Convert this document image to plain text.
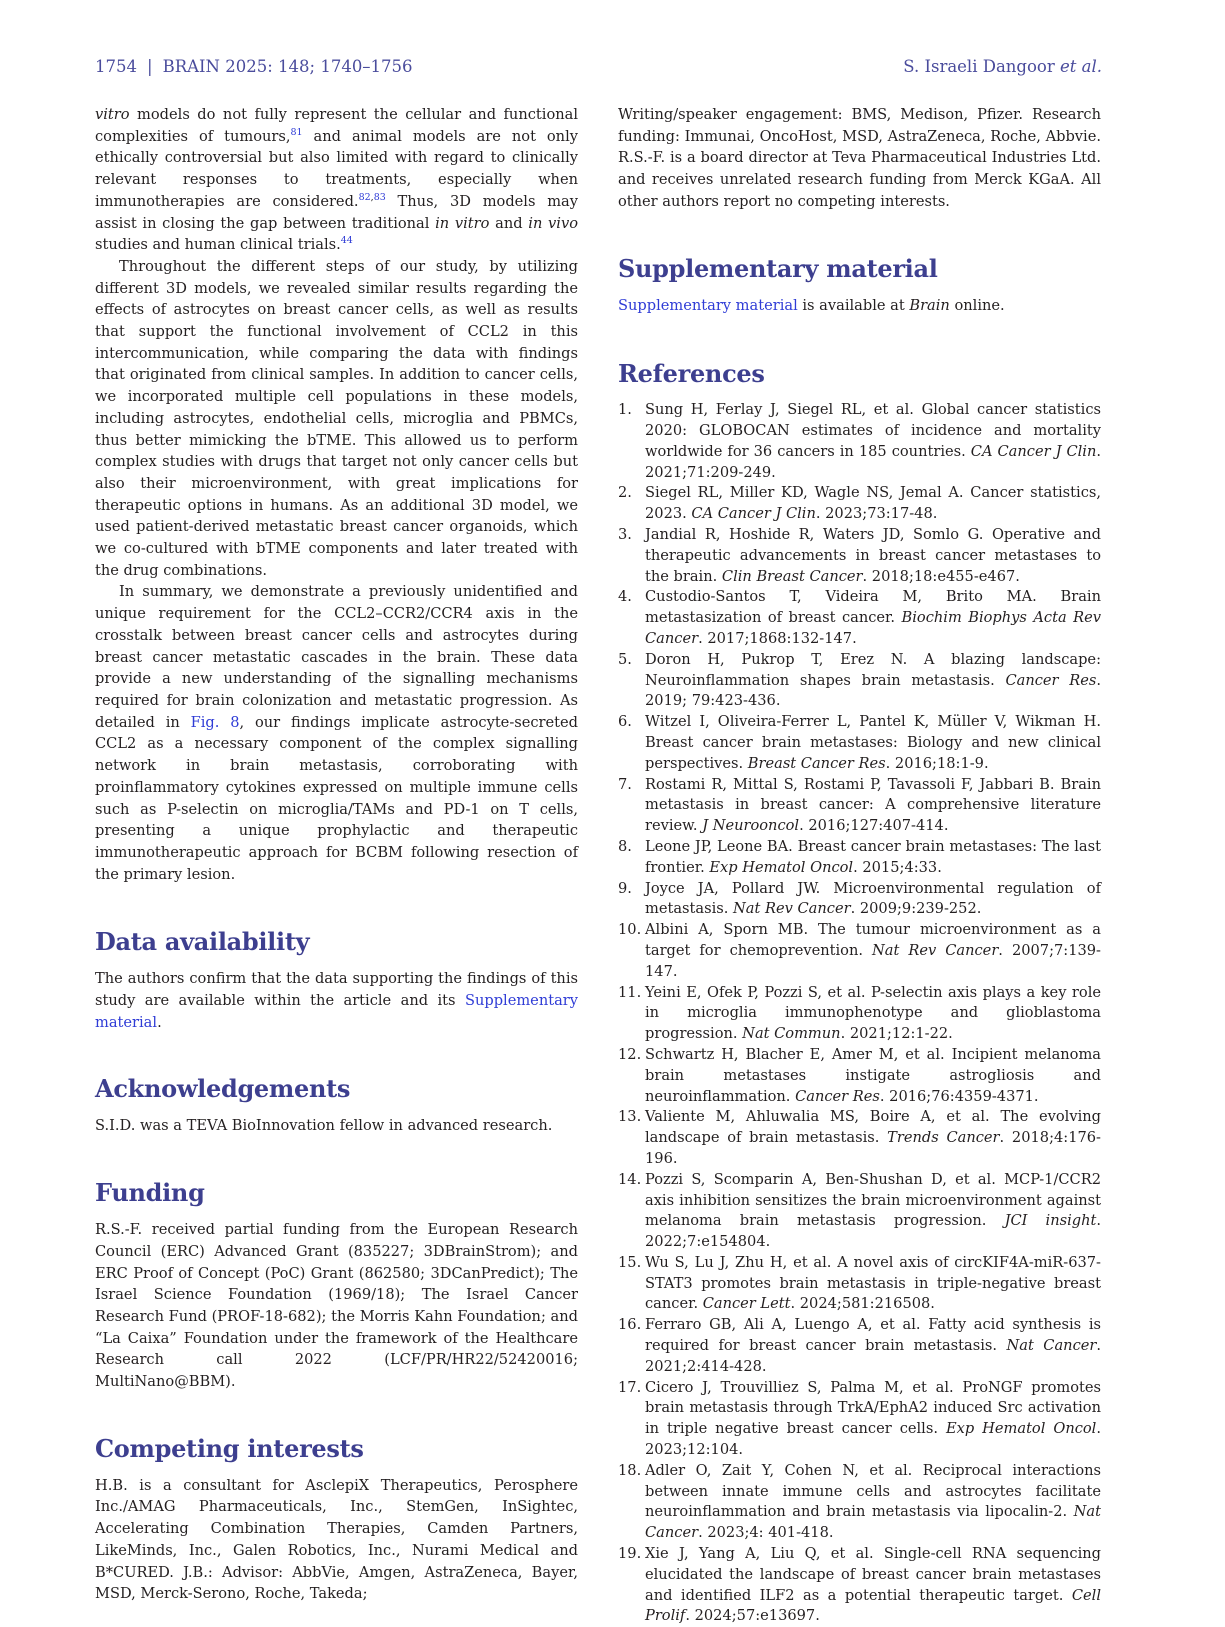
1754 | BRAIN 2025: 148; 1740–1756	S. Israeli Dangoor et al.

vitro models do not fully represent the cellular and functional complexities of tumours,$^{81}$ and animal models are not only ethically controversial but also limited with regard to clinically relevant responses to treatments, especially when immunotherapies are considered.$^{82,83}$ Thus, 3D models may assist in closing the gap between traditional in vitro and in vivo studies and human clinical trials.$^{44}$

Throughout the different steps of our study, by utilizing different 3D models, we revealed similar results regarding the effects of astrocytes on breast cancer cells, as well as results that support the functional involvement of CCL2 in this intercommunication, while comparing the data with findings that originated from clinical samples. In addition to cancer cells, we incorporated multiple cell populations in these models, including astrocytes, endothelial cells, microglia and PBMCs, thus better mimicking the bTME. This allowed us to perform complex studies with drugs that target not only cancer cells but also their microenvironment, with great implications for therapeutic options in humans. As an additional 3D model, we used patient-derived metastatic breast cancer organoids, which we co-cultured with bTME components and later treated with the drug combinations.

In summary, we demonstrate a previously unidentified and unique requirement for the CCL2–CCR2/CCR4 axis in the crosstalk between breast cancer cells and astrocytes during breast cancer metastatic cascades in the brain. These data provide a new understanding of the signalling mechanisms required for brain colonization and metastatic progression. As detailed in Fig. 8, our findings implicate astrocyte-secreted CCL2 as a necessary component of the complex signalling network in brain metastasis, corroborating with proinflammatory cytokines expressed on multiple immune cells such as P-selectin on microglia/TAMs and PD-1 on T cells, presenting a unique prophylactic and therapeutic immunotherapeutic approach for BCBM following resection of the primary lesion.

Data availability

The authors confirm that the data supporting the findings of this study are available within the article and its Supplementary material.

Acknowledgements

S.I.D. was a TEVA BioInnovation fellow in advanced research.

Funding

R.S.-F. received partial funding from the European Research Council (ERC) Advanced Grant (835227; 3DBrainStrom); and ERC Proof of Concept (PoC) Grant (862580; 3DCanPredict); The Israel Science Foundation (1969/18); The Israel Cancer Research Fund (PROF-18-682); the Morris Kahn Foundation; and “La Caixa” Foundation under the framework of the Healthcare Research call 2022 (LCF/PR/HR22/52420016; MultiNano@BBM).

Competing interests

H.B. is a consultant for AsclepiX Therapeutics, Perosphere Inc./AMAG Pharmaceuticals, Inc., StemGen, InSightec, Accelerating Combination Therapies, Camden Partners, LikeMinds, Inc., Galen Robotics, Inc., Nurami Medical and B*CURED. J.B.: Advisor: AbbVie, Amgen, AstraZeneca, Bayer, MSD, Merck-Serono, Roche, Takeda;

Writing/speaker engagement: BMS, Medison, Pfizer. Research funding: Immunai, OncoHost, MSD, AstraZeneca, Roche, Abbvie. R.S.-F. is a board director at Teva Pharmaceutical Industries Ltd. and receives unrelated research funding from Merck KGaA. All other authors report no competing interests.

Supplementary material

Supplementary material is available at Brain online.

References
1. Sung H, Ferlay J, Siegel RL, et al. Global cancer statistics 2020: GLOBOCAN estimates of incidence and mortality worldwide for 36 cancers in 185 countries. CA Cancer J Clin. 2021;71:209-249.
2. Siegel RL, Miller KD, Wagle NS, Jemal A. Cancer statistics, 2023. CA Cancer J Clin. 2023;73:17-48.
3. Jandial R, Hoshide R, Waters JD, Somlo G. Operative and therapeutic advancements in breast cancer metastases to the brain. Clin Breast Cancer. 2018;18:e455-e467.
4. Custodio-Santos T, Videira M, Brito MA. Brain metastasization of breast cancer. Biochim Biophys Acta Rev Cancer. 2017;1868:132-147.
5. Doron H, Pukrop T, Erez N. A blazing landscape: Neuroinflammation shapes brain metastasis. Cancer Res. 2019; 79:423-436.
6. Witzel I, Oliveira-Ferrer L, Pantel K, Müller V, Wikman H. Breast cancer brain metastases: Biology and new clinical perspectives. Breast Cancer Res. 2016;18:1-9.
7. Rostami R, Mittal S, Rostami P, Tavassoli F, Jabbari B. Brain metastasis in breast cancer: A comprehensive literature review. J Neurooncol. 2016;127:407-414.
8. Leone JP, Leone BA. Breast cancer brain metastases: The last frontier. Exp Hematol Oncol. 2015;4:33.
9. Joyce JA, Pollard JW. Microenvironmental regulation of metastasis. Nat Rev Cancer. 2009;9:239-252.
10. Albini A, Sporn MB. The tumour microenvironment as a target for chemoprevention. Nat Rev Cancer. 2007;7:139-147.
11. Yeini E, Ofek P, Pozzi S, et al. P-selectin axis plays a key role in microglia immunophenotype and glioblastoma progression. Nat Commun. 2021;12:1-22.
12. Schwartz H, Blacher E, Amer M, et al. Incipient melanoma brain metastases instigate astrogliosis and neuroinflammation. Cancer Res. 2016;76:4359-4371.
13. Valiente M, Ahluwalia MS, Boire A, et al. The evolving landscape of brain metastasis. Trends Cancer. 2018;4:176-196.
14. Pozzi S, Scomparin A, Ben-Shushan D, et al. MCP-1/CCR2 axis inhibition sensitizes the brain microenvironment against melanoma brain metastasis progression. JCI insight. 2022;7:e154804.
15. Wu S, Lu J, Zhu H, et al. A novel axis of circKIF4A-miR-637-STAT3 promotes brain metastasis in triple-negative breast cancer. Cancer Lett. 2024;581:216508.
16. Ferraro GB, Ali A, Luengo A, et al. Fatty acid synthesis is required for breast cancer brain metastasis. Nat Cancer. 2021;2:414-428.
17. Cicero J, Trouvilliez S, Palma M, et al. ProNGF promotes brain metastasis through TrkA/EphA2 induced Src activation in triple negative breast cancer cells. Exp Hematol Oncol. 2023;12:104.
18. Adler O, Zait Y, Cohen N, et al. Reciprocal interactions between innate immune cells and astrocytes facilitate neuroinflammation and brain metastasis via lipocalin-2. Nat Cancer. 2023;4: 401-418.
19. Xie J, Yang A, Liu Q, et al. Single-cell RNA sequencing elucidated the landscape of breast cancer brain metastases and identified ILF2 as a potential therapeutic target. Cell Prolif. 2024;57:e13697.
